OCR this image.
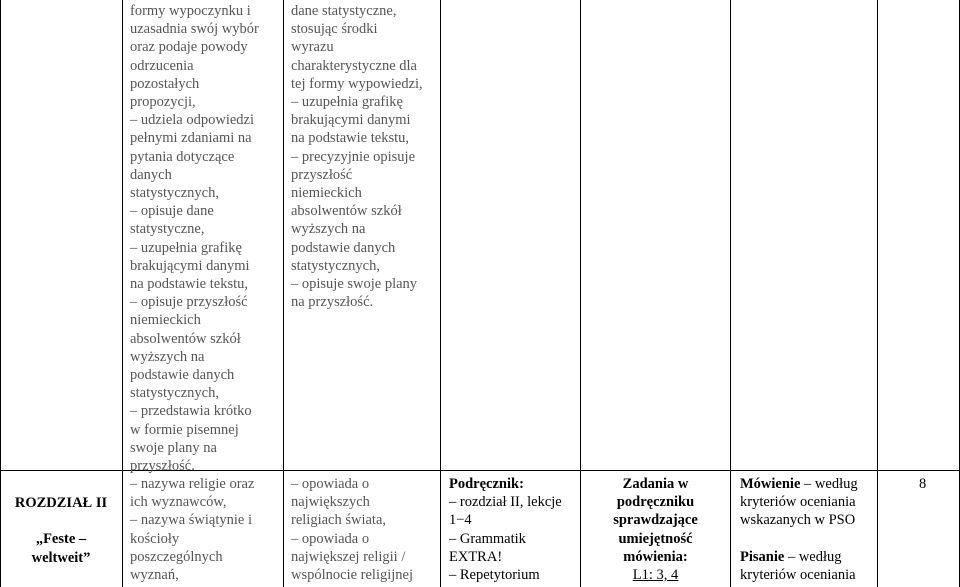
formy wypoczynku i
uzasadnia swój wybór
oraz podaje powody
odrzucenia
pozostałych
propozycji,
– udziela odpowiedzi
pełnymi zdaniami na
pytania dotyczące
danych
statystycznych,
– opisuje dane
statystyczne,
– uzupełnia grafikę
brakującymi danymi
na podstawie tekstu,
– opisuje przyszłość
niemieckich
absolwentów szkół
wyższych na
podstawie danych
statystycznych,
– przedstawia krótko
w formie pisemnej
swoje plany na
przyszłość.
dane statystyczne,
stosując środki
wyrazu
charakterystyczne dla
tej formy wypowiedzi,
– uzupełnia grafikę
brakującymi danymi
na podstawie tekstu,
– precyzyjnie opisuje
przyszłość
niemieckich
absolwentów szkół
wyższych na
podstawie danych
statystycznych,
– opisuje swoje plany
na przyszłość.
ROZDZIAŁ II
„Feste –
weltweit”
– nazywa religie oraz
ich wyznawców,
– nazywa świątynie i
kościoły
poszczególnych
wyznań,
– opowiada o
największych
religiach świata,
– opowiada o
największej religii /
wspólnocie religijnej
Podręcznik:
– rozdział II, lekcje
1−4
– Grammatik
EXTRA!
– Repetytorium
Zadania w
podręczniku
sprawdzające
umiejętność
mówienia:
L1: 3, 4
Mówienie – według
kryteriów oceniania
wskazanych w PSO
Pisanie – według
kryteriów oceniania
8
